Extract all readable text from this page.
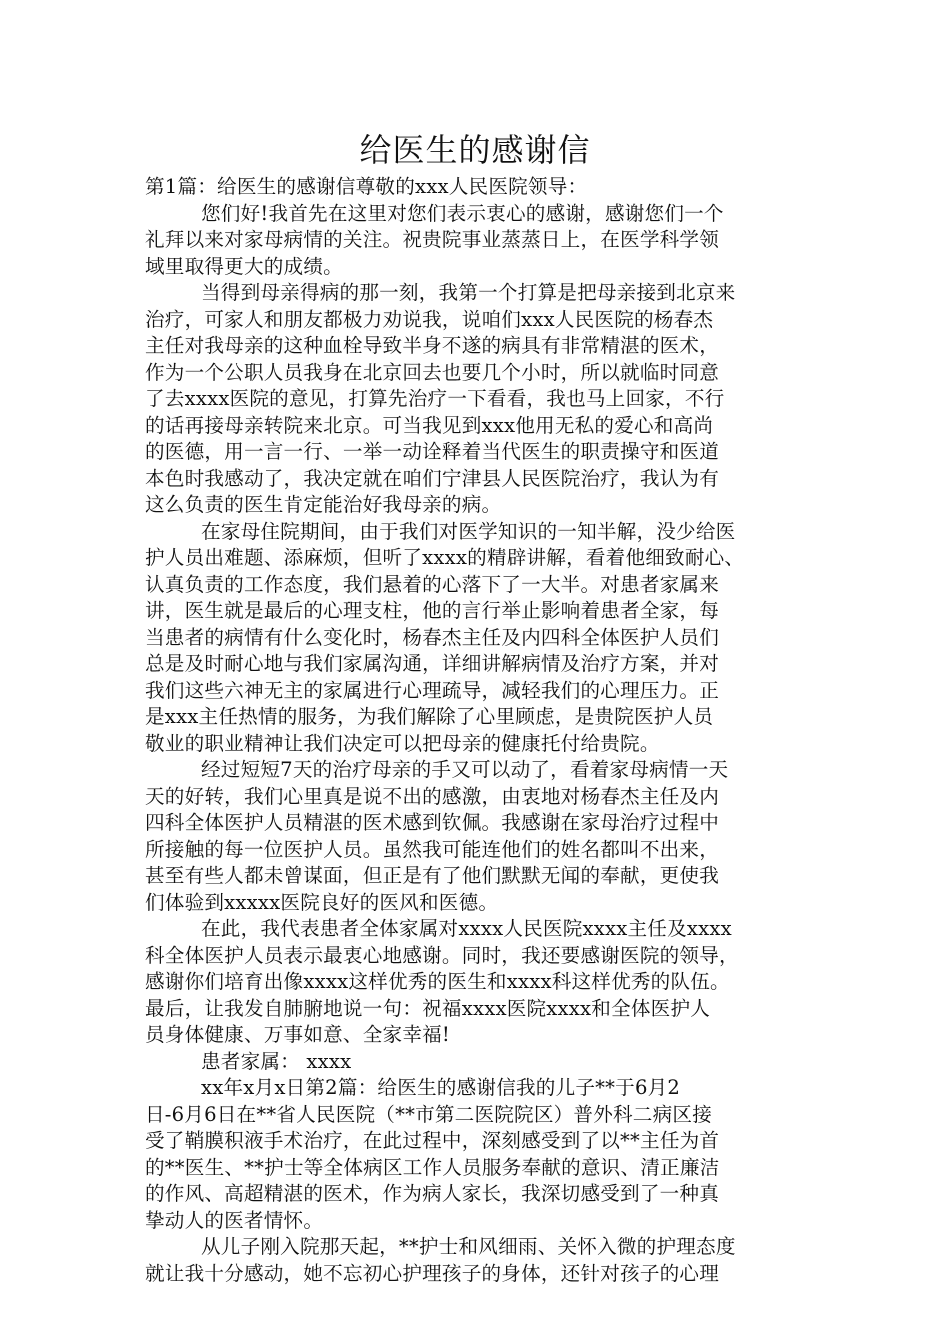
给医生的感谢信
第1篇：给医生的感谢信尊敬的xxx人民医院领导：
您们好!我首先在这里对您们表示衷心的感谢，感谢您们一个
礼拜以来对家母病情的关注。祝贵院事业蒸蒸日上，在医学科学领
域里取得更大的成绩。
当得到母亲得病的那一刻，我第一个打算是把母亲接到北京来
治疗，可家人和朋友都极力劝说我，说咱们xxx人民医院的杨春杰
主任对我母亲的这种血栓导致半身不遂的病具有非常精湛的医术，
作为一个公职人员我身在北京回去也要几个小时，所以就临时同意
了去xxxx医院的意见，打算先治疗一下看看，我也马上回家，不行
的话再接母亲转院来北京。可当我见到xxx他用无私的爱心和高尚
的医德，用一言一行、一举一动诠释着当代医生的职责操守和医道
本色时我感动了，我决定就在咱们宁津县人民医院治疗，我认为有
这么负责的医生肯定能治好我母亲的病。
在家母住院期间，由于我们对医学知识的一知半解，没少给医
护人员出难题、添麻烦，但听了xxxx的精辟讲解，看着他细致耐心、
认真负责的工作态度，我们悬着的心落下了一大半。对患者家属来
讲，医生就是最后的心理支柱，他的言行举止影响着患者全家，每
当患者的病情有什么变化时，杨春杰主任及内四科全体医护人员们
总是及时耐心地与我们家属沟通，详细讲解病情及治疗方案，并对
我们这些六神无主的家属进行心理疏导，减轻我们的心理压力。正
是xxx主任热情的服务，为我们解除了心里顾虑，是贵院医护人员
敬业的职业精神让我们决定可以把母亲的健康托付给贵院。
经过短短7天的治疗母亲的手又可以动了，看着家母病情一天
天的好转，我们心里真是说不出的感激，由衷地对杨春杰主任及内
四科全体医护人员精湛的医术感到钦佩。我感谢在家母治疗过程中
所接触的每一位医护人员。虽然我可能连他们的姓名都叫不出来，
甚至有些人都未曾谋面，但正是有了他们默默无闻的奉献，更使我
们体验到xxxxx医院良好的医风和医德。
在此，我代表患者全体家属对xxxx人民医院xxxx主任及xxxx
科全体医护人员表示最衷心地感谢。同时，我还要感谢医院的领导，
感谢你们培育出像xxxx这样优秀的医生和xxxx科这样优秀的队伍。
最后，让我发自肺腑地说一句：祝福xxxx医院xxxx和全体医护人
员身体健康、万事如意、全家幸福!
患者家属： xxxx
xx年x月x日第2篇：给医生的感谢信我的儿子**于6月2
日-6月6日在**省人民医院（**市第二医院院区）普外科二病区接
受了鞘膜积液手术治疗，在此过程中，深刻感受到了以**主任为首
的**医生、**护士等全体病区工作人员服务奉献的意识、清正廉洁
的作风、高超精湛的医术，作为病人家长，我深切感受到了一种真
挚动人的医者情怀。
从儿子刚入院那天起，**护士和风细雨、关怀入微的护理态度
就让我十分感动，她不忘初心护理孩子的身体，还针对孩子的心理
